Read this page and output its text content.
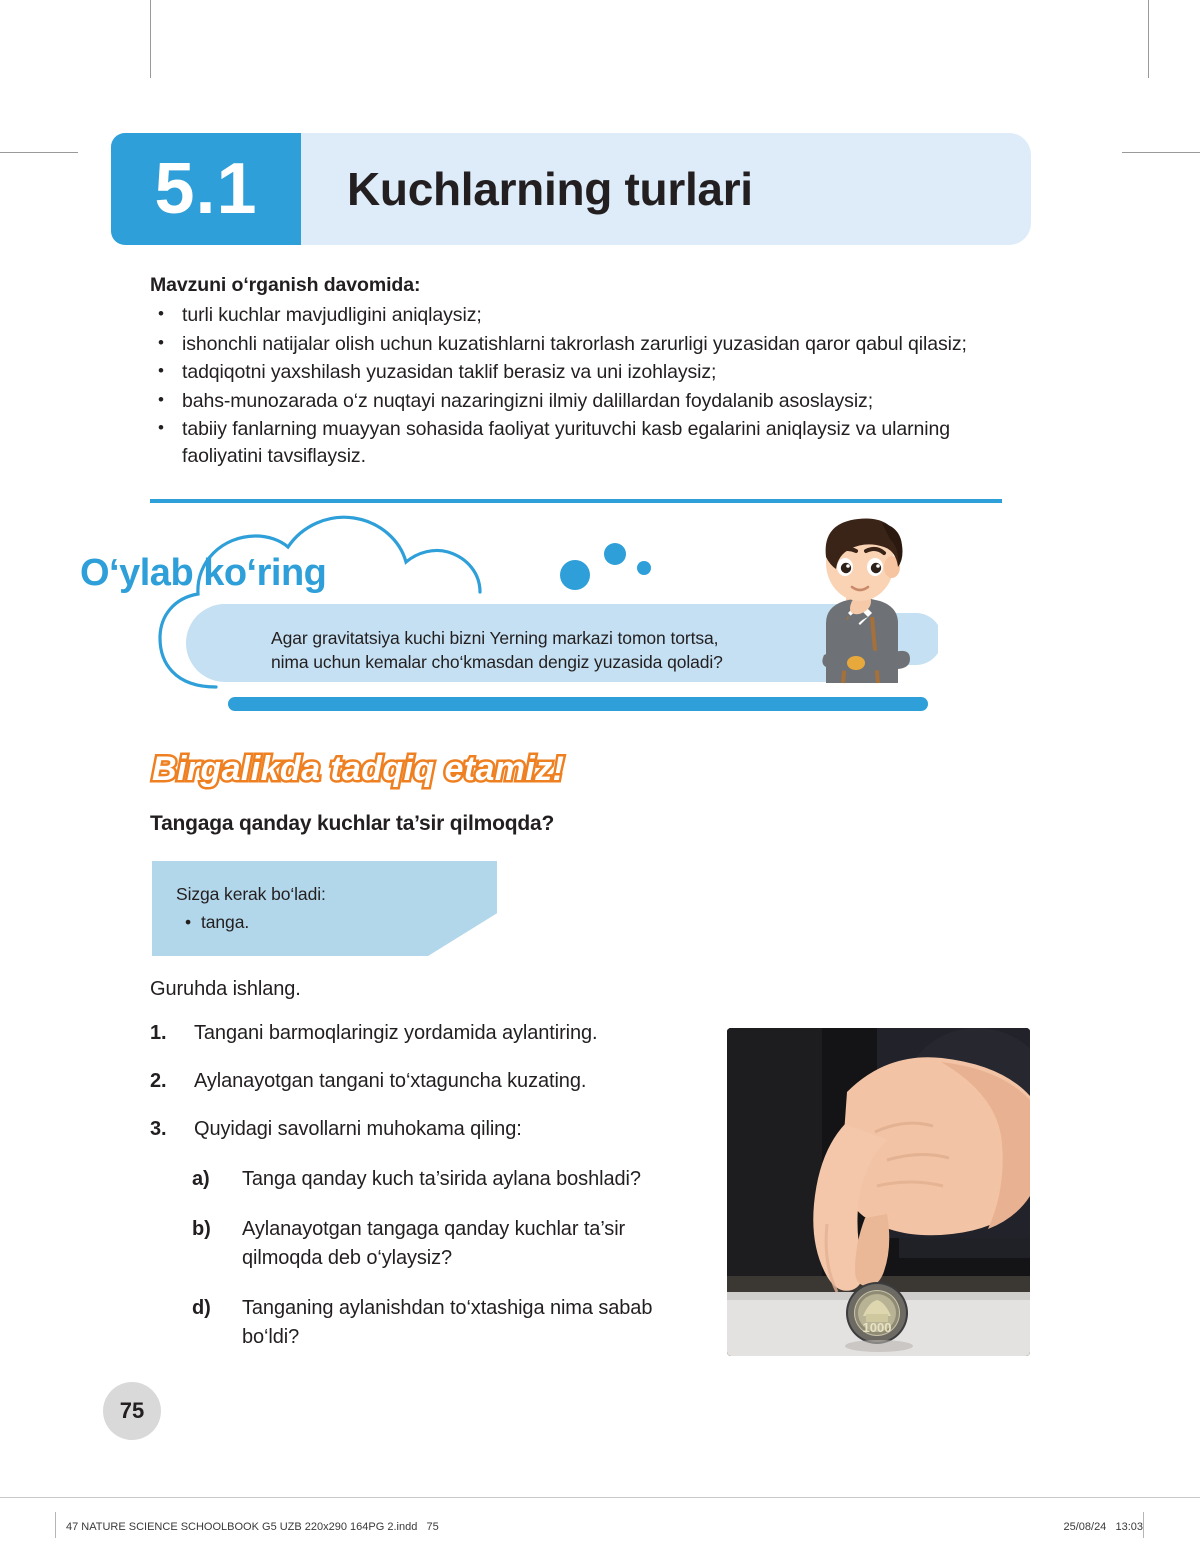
5.1	Kuchlarning turlari
Mavzuni o‘rganish davomida:
• turli kuchlar mavjudligini aniqlaysiz;
• ishonchli natijalar olish uchun kuzatishlarni takrorlash zarurligi yuzasidan qaror qabul qilasiz;
• tadqiqotni yaxshilash yuzasidan taklif berasiz va uni izohlaysiz;
• bahs-munozarada o‘z nuqtayi nazaringizni ilmiy dalillardan foydalanib asoslaysiz;
• tabiiy fanlarning muayyan sohasida faoliyat yurituvchi kasb egalarini aniqlaysiz va ularning faoliyatini tavsiflaysiz.
Agar gravitatsiya kuchi bizni Yerning markazi tomon tortsa,
nima uchun kemalar cho‘kmasdan dengiz yuzasida qoladi?
O‘ylab ko‘ring
Birgalikda tadqiq etamiz!
Tangaga qanday kuchlar ta’sir qilmoqda?
Sizga kerak bo‘ladi:
• tanga.
Guruhda ishlang.
1. Tangani barmoqlaringiz yordamida aylantiring.
2. Aylanayotgan tangani to‘xtaguncha kuzating.
3. Quyidagi savollarni muhokama qiling:
a) Tanga qanday kuch ta’sirida aylana boshladi?
b) Aylanayotgan tangaga qanday kuchlar ta’sir qilmoqda deb o‘ylaysiz?
d) Tanganing aylanishdan to‘xtashiga nima sabab bo‘ldi?	1000
75
47 NATURE SCIENCE SCHOOLBOOK G5 UZB 220x290 164PG 2.indd   75	25/08/24   13:03
